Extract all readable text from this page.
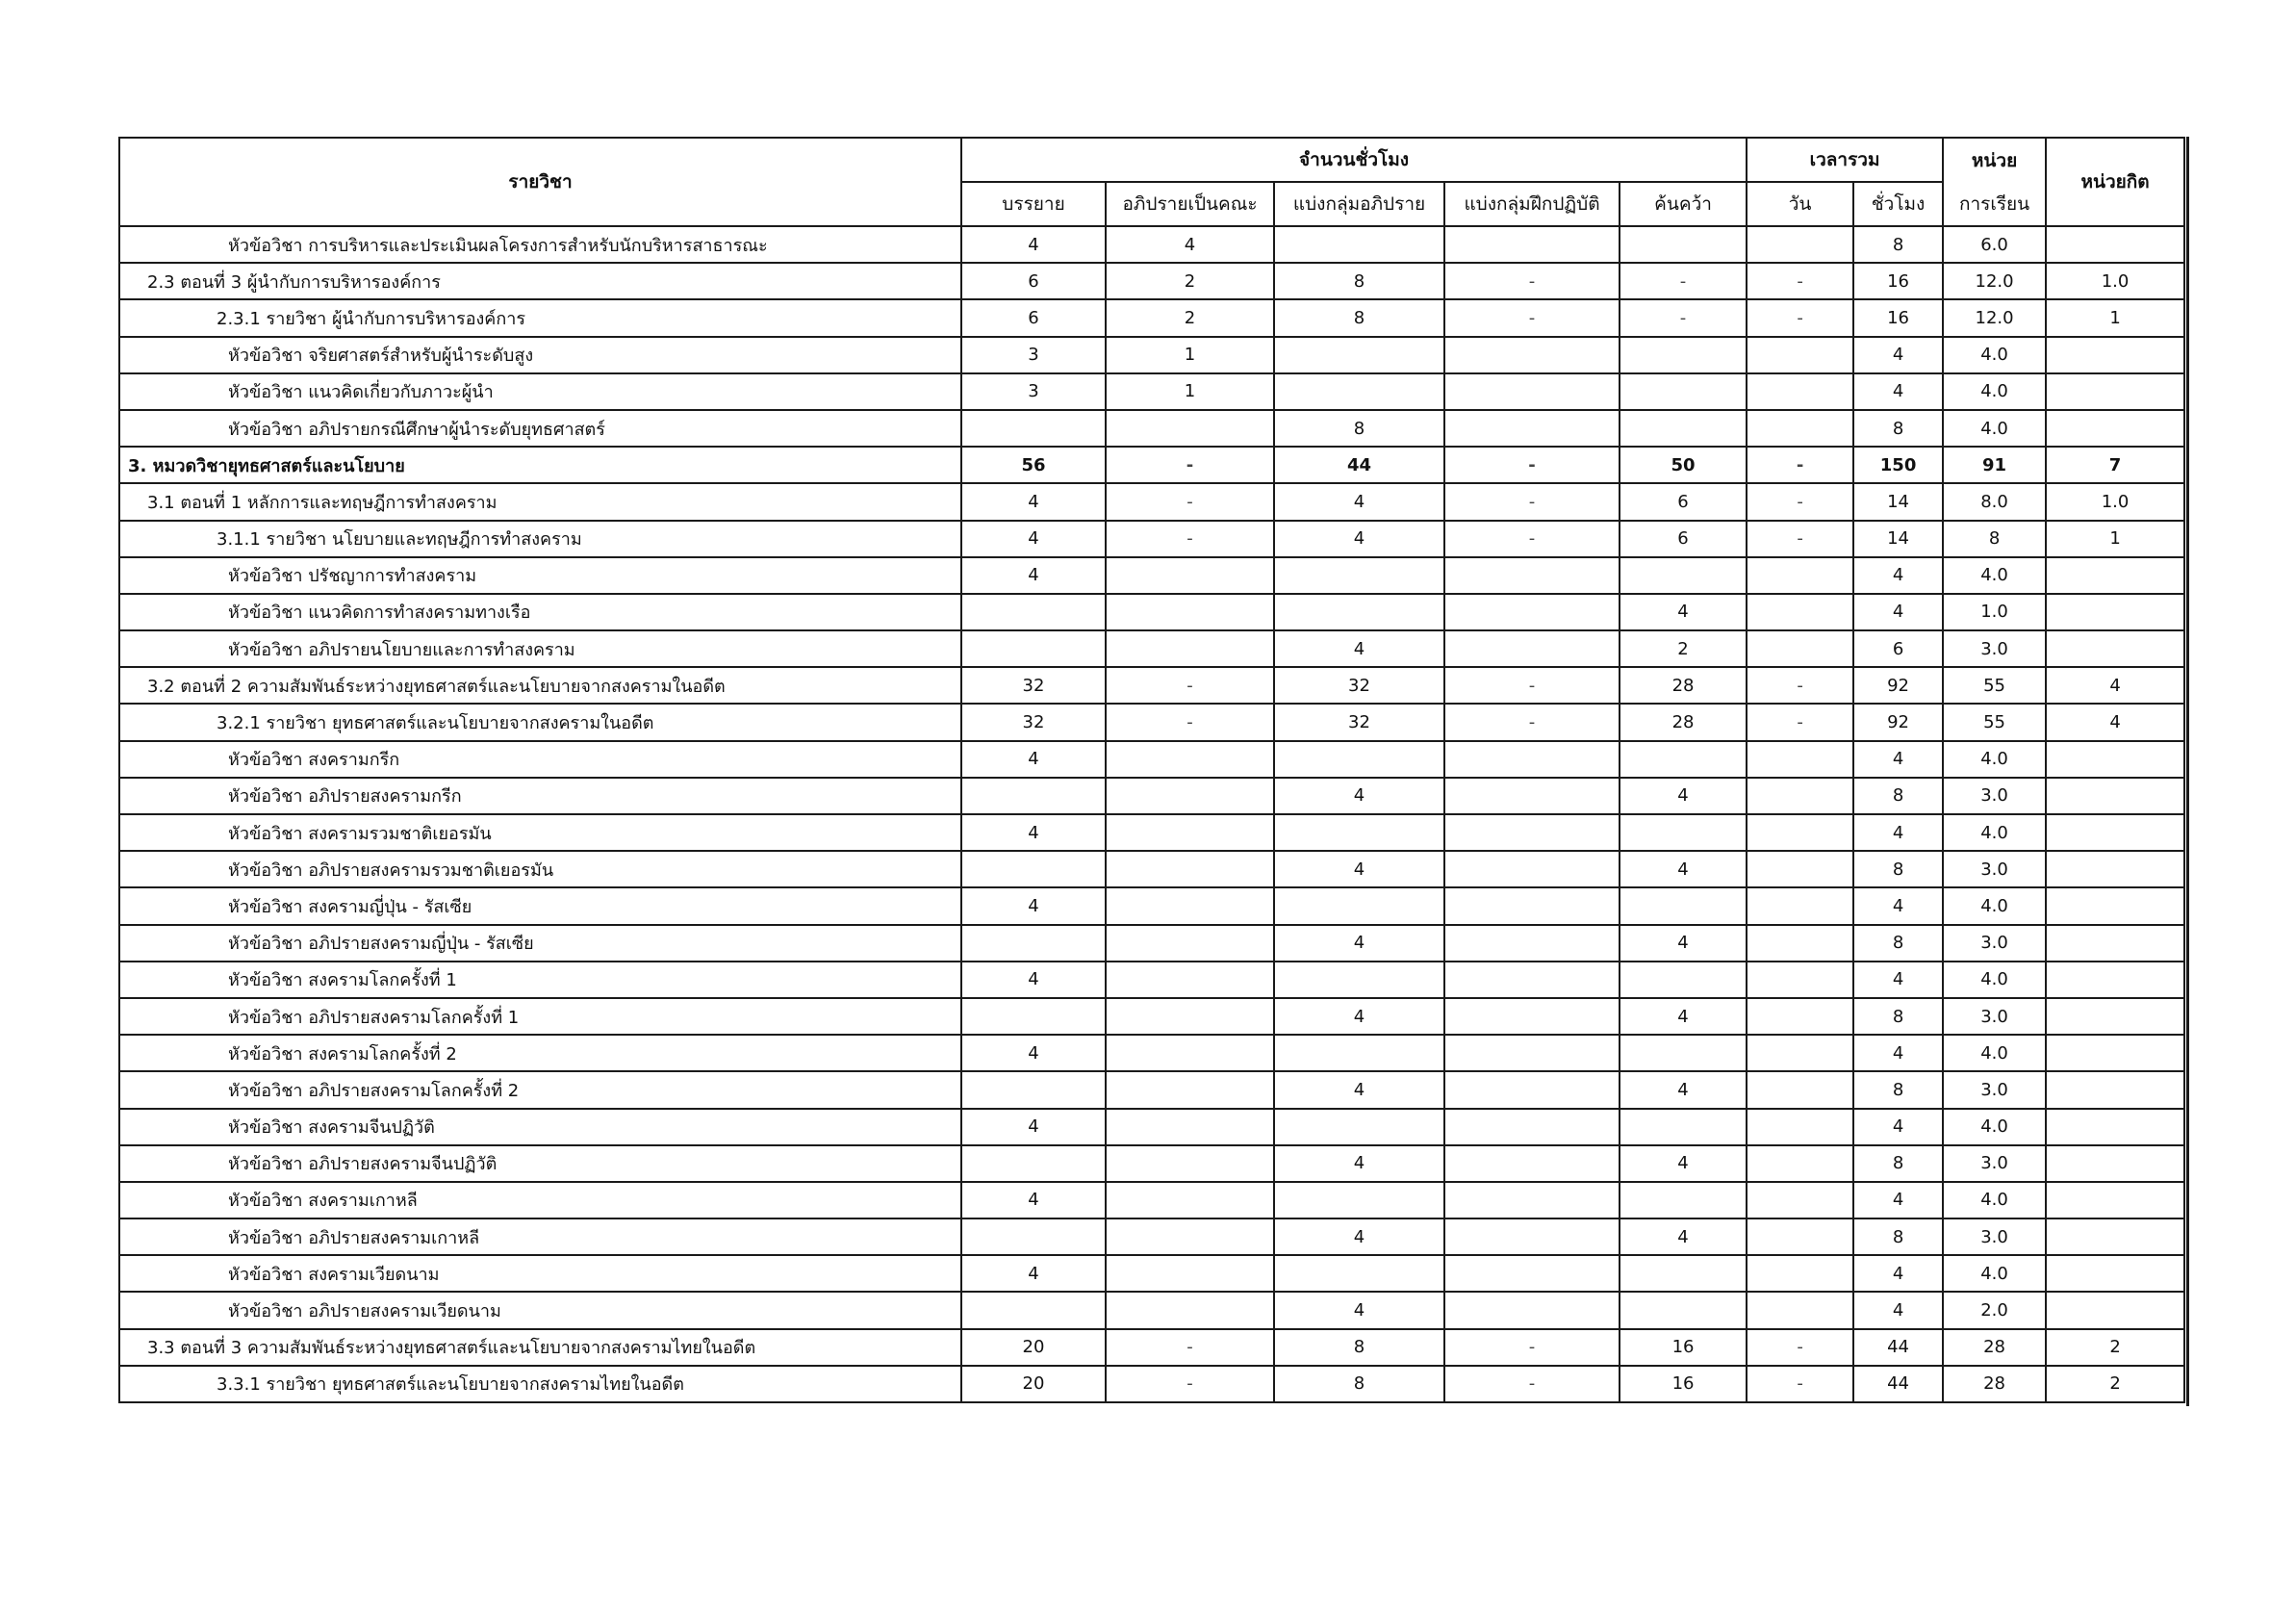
รายวิชา	จำนวนชั่วโมง					เวลารวม		หน่วย	หน่วยกิต
	บรรยาย	อภิปรายเป็นคณะ	แบ่งกลุ่มอภิปราย	แบ่งกลุ่มฝึกปฏิบัติ	ค้นคว้า	วัน	ชั่วโมง	การเรียน	
หัวข้อวิชา การบริหารและประเมินผลโครงการสำหรับนักบริหารสาธารณะ	4	4					8	6.0	
2.3 ตอนที่ 3 ผู้นำกับการบริหารองค์การ	6	2	8	-	-	-	16	12.0	1.0
2.3.1 รายวิชา ผู้นำกับการบริหารองค์การ	6	2	8	-	-	-	16	12.0	1
หัวข้อวิชา จริยศาสตร์สำหรับผู้นำระดับสูง	3	1					4	4.0	
หัวข้อวิชา แนวคิดเกี่ยวกับภาวะผู้นำ	3	1					4	4.0	
หัวข้อวิชา อภิปรายกรณีศึกษาผู้นำระดับยุทธศาสตร์			8				8	4.0	
3. หมวดวิชายุทธศาสตร์และนโยบาย	56	-	44	-	50	-	150	91	7
3.1 ตอนที่ 1 หลักการและทฤษฎีการทำสงคราม	4	-	4	-	6	-	14	8.0	1.0
3.1.1 รายวิชา นโยบายและทฤษฎีการทำสงคราม	4	-	4	-	6	-	14	8	1
หัวข้อวิชา ปรัชญาการทำสงคราม	4						4	4.0	
หัวข้อวิชา แนวคิดการทำสงครามทางเรือ					4		4	1.0	
หัวข้อวิชา อภิปรายนโยบายและการทำสงคราม			4		2		6	3.0	
3.2 ตอนที่ 2 ความสัมพันธ์ระหว่างยุทธศาสตร์และนโยบายจากสงครามในอดีต	32	-	32	-	28	-	92	55	4
3.2.1 รายวิชา ยุทธศาสตร์และนโยบายจากสงครามในอดีต	32	-	32	-	28	-	92	55	4
หัวข้อวิชา สงครามกรีก	4						4	4.0	
หัวข้อวิชา อภิปรายสงครามกรีก			4		4		8	3.0	
หัวข้อวิชา สงครามรวมชาติเยอรมัน	4						4	4.0	
หัวข้อวิชา อภิปรายสงครามรวมชาติเยอรมัน			4		4		8	3.0	
หัวข้อวิชา สงครามญี่ปุ่น - รัสเซีย	4						4	4.0	
หัวข้อวิชา อภิปรายสงครามญี่ปุ่น - รัสเซีย			4		4		8	3.0	
หัวข้อวิชา สงครามโลกครั้งที่ 1	4						4	4.0	
หัวข้อวิชา อภิปรายสงครามโลกครั้งที่ 1			4		4		8	3.0	
หัวข้อวิชา สงครามโลกครั้งที่ 2	4						4	4.0	
หัวข้อวิชา อภิปรายสงครามโลกครั้งที่ 2			4		4		8	3.0	
หัวข้อวิชา สงครามจีนปฏิวัติ	4						4	4.0	
หัวข้อวิชา อภิปรายสงครามจีนปฏิวัติ			4		4		8	3.0	
หัวข้อวิชา สงครามเกาหลี	4						4	4.0	
หัวข้อวิชา อภิปรายสงครามเกาหลี			4		4		8	3.0	
หัวข้อวิชา สงครามเวียดนาม	4						4	4.0	
หัวข้อวิชา อภิปรายสงครามเวียดนาม			4				4	2.0	
3.3 ตอนที่ 3 ความสัมพันธ์ระหว่างยุทธศาสตร์และนโยบายจากสงครามไทยในอดีต	20	-	8	-	16	-	44	28	2
3.3.1 รายวิชา ยุทธศาสตร์และนโยบายจากสงครามไทยในอดีต	20	-	8	-	16	-	44	28	2
